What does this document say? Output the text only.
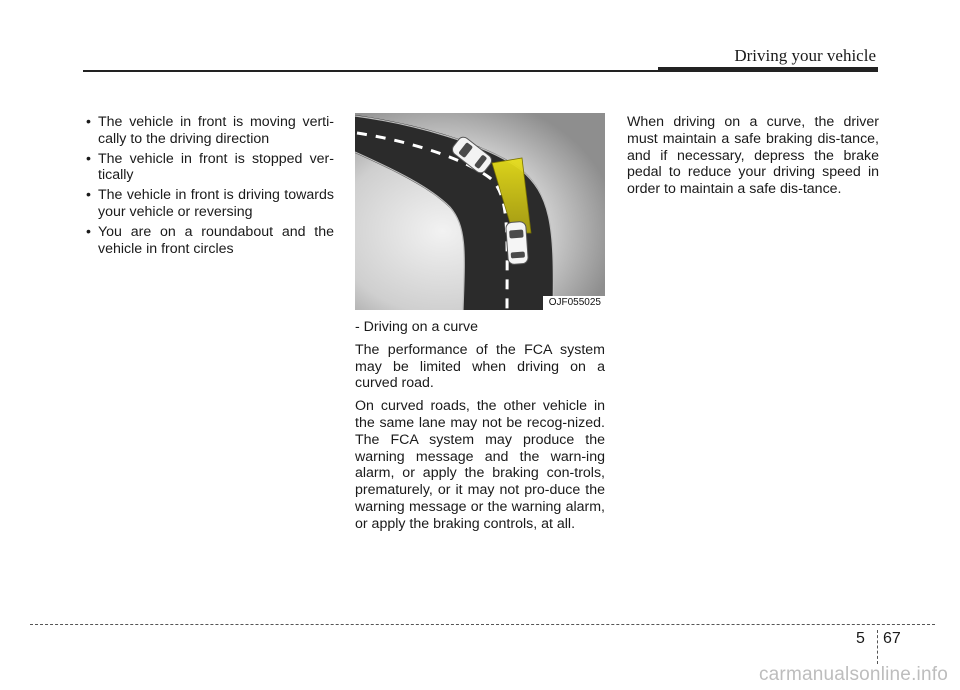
Driving your vehicle
• The vehicle in front is moving verti-cally to the driving direction
• The vehicle in front is stopped ver-tically
• The vehicle in front is driving towards your vehicle or reversing
• You are on a roundabout and the vehicle in front circles
OJF055025

- Driving on a curve

The performance of the FCA system may be limited when driving on a curved road.

On curved roads, the other vehicle in the same lane may not be recog-nized. The FCA system may produce the warning message and the warn-ing alarm, or apply the braking con-trols, prematurely, or it may not pro-duce the warning message or the warning alarm, or apply the braking controls, at all.

When driving on a curve, the driver must maintain a safe braking dis-tance, and if necessary, depress the brake pedal to reduce your driving speed in order to maintain a safe dis-tance.

5 67
carmanualsonline.info
